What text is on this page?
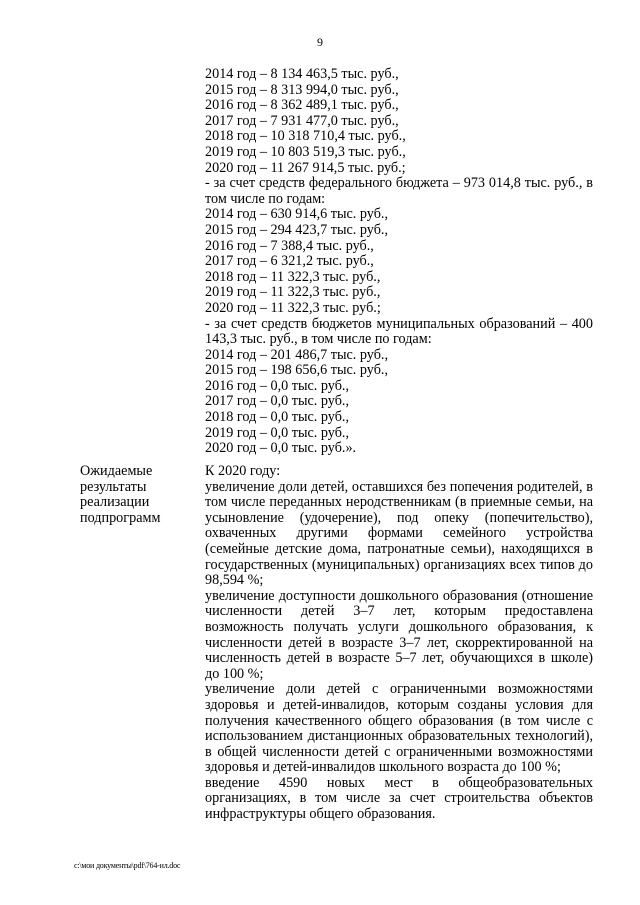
9
2014 год – 8 134 463,5 тыс. руб.,
2015 год – 8 313 994,0 тыс. руб.,
2016 год – 8 362 489,1 тыс. руб.,
2017 год – 7 931 477,0 тыс. руб.,
2018 год – 10 318 710,4 тыс. руб.,
2019 год – 10 803 519,3 тыс. руб.,
2020 год – 11 267 914,5 тыс. руб.;
- за счет средств федерального бюджета – 973 014,8 тыс. руб., в том числе по годам:
2014 год – 630 914,6 тыс. руб.,
2015 год – 294 423,7 тыс. руб.,
2016 год – 7 388,4 тыс. руб.,
2017 год – 6 321,2 тыс. руб.,
2018 год – 11 322,3 тыс. руб.,
2019 год – 11 322,3 тыс. руб.,
2020 год – 11 322,3 тыс. руб.;
- за счет средств бюджетов муниципальных образований – 400 143,3 тыс. руб., в том числе по годам:
2014 год – 201 486,7 тыс. руб.,
2015 год – 198 656,6 тыс. руб.,
2016 год – 0,0 тыс. руб.,
2017 год – 0,0 тыс. руб.,
2018 год – 0,0 тыс. руб.,
2019 год – 0,0 тыс. руб.,
2020 год – 0,0 тыс. руб.».
Ожидаемые результаты реализации подпрограмм
К 2020 году:
увеличение доли детей, оставшихся без попечения родителей, в том числе переданных неродственникам (в приемные семьи, на усыновление (удочерение), под опеку (попечительство), охваченных другими формами семейного устройства (семейные детские дома, патронатные семьи), находящихся в государственных (муниципальных) организациях всех типов до 98,594 %;
увеличение доступности дошкольного образования (отношение численности детей 3–7 лет, которым предоставлена возможность получать услуги дошкольного образования, к численности детей в возрасте 3–7 лет, скорректированной на численность детей в возрасте 5–7 лет, обучающихся в школе) до 100 %;
увеличение доли детей с ограниченными возможностями здоровья и детей-инвалидов, которым созданы условия для получения качественного общего образования (в том числе с использованием дистанционных образовательных технологий), в общей численности детей с ограниченными возможностями здоровья и детей-инвалидов школьного возраста до 100 %;
введение 4590 новых мест в общеобразовательных организациях, в том числе за счет строительства объектов инфраструктуры общего образования.
c:\мои документы\pdf\764-ил.doc
